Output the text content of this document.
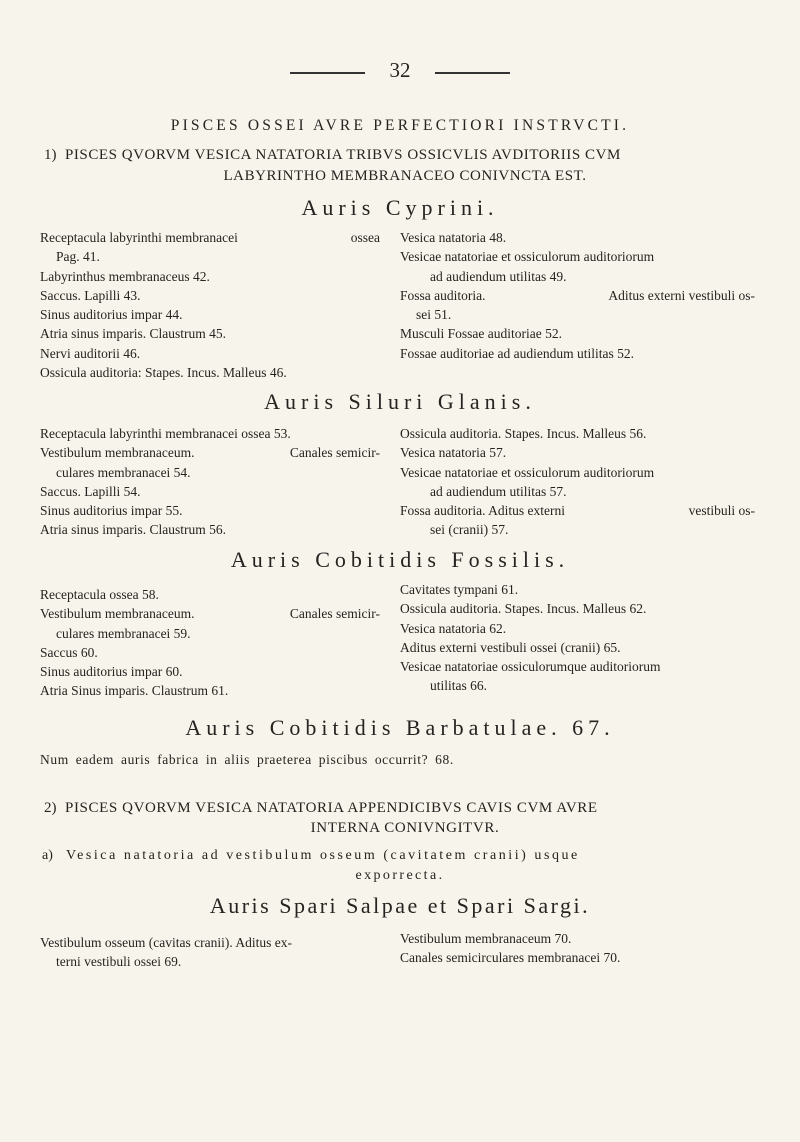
32
PISCES OSSEI AVRE PERFECTIORI INSTRVCTI.
1) PISCES QVORVM VESICA NATATORIA TRIBVS OSSICVLIS AVDITORIIS CVM
LABYRINTHO MEMBRANACEO CONIVNCTA EST.
Auris Cyprini.
Receptacula labyrinthi membranacei	ossea
Pag. 41.
Labyrinthus membranaceus 42.
Saccus. Lapilli 43.
Sinus auditorius impar 44.
Atria sinus imparis. Claustrum 45.
Nervi auditorii 46.
Ossicula auditoria: Stapes. Incus. Malleus 46.
Vesica natatoria 48.
Vesicae natatoriae et ossiculorum auditoriorum
ad audiendum utilitas 49.
Fossa auditoria.	Aditus externi vestibuli os-
sei 51.
Musculi Fossae auditoriae 52.
Fossae auditoriae ad audiendum utilitas 52.
Auris Siluri Glanis.
Receptacula labyrinthi membranacei ossea 53.
Vestibulum membranaceum.	Canales semicir-
culares membranacei 54.
Saccus. Lapilli 54.
Sinus auditorius impar 55.
Atria sinus imparis. Claustrum 56.
Ossicula auditoria. Stapes. Incus. Malleus 56.
Vesica natatoria 57.
Vesicae natatoriae et ossiculorum auditoriorum
ad audiendum utilitas 57.
Fossa auditoria. Aditus externi	vestibuli os-
sei (cranii) 57.
Auris Cobitidis Fossilis.
Receptacula ossea 58.
Vestibulum membranaceum.	Canales semicir-
culares membranacei 59.
Saccus 60.
Sinus auditorius impar 60.
Atria Sinus imparis. Claustrum 61.
Cavitates tympani 61.
Ossicula auditoria. Stapes. Incus. Malleus 62.
Vesica natatoria 62.
Aditus externi vestibuli ossei (cranii) 65.
Vesicae natatoriae ossiculorumque auditoriorum
utilitas 66.
Auris Cobitidis Barbatulae. 67.
Num eadem auris fabrica in aliis praeterea piscibus occurrit? 68.
2) PISCES QVORVM VESICA NATATORIA APPENDICIBVS CAVIS CVM AVRE
INTERNA CONIVNGITVR.
a) Vesica natatoria ad vestibulum osseum (cavitatem cranii) usque
exporrecta.
Auris Spari Salpae et Spari Sargi.
Vestibulum osseum (cavitas cranii). Aditus ex-
terni vestibuli ossei 69.
Vestibulum membranaceum 70.
Canales semicirculares membranacei 70.
